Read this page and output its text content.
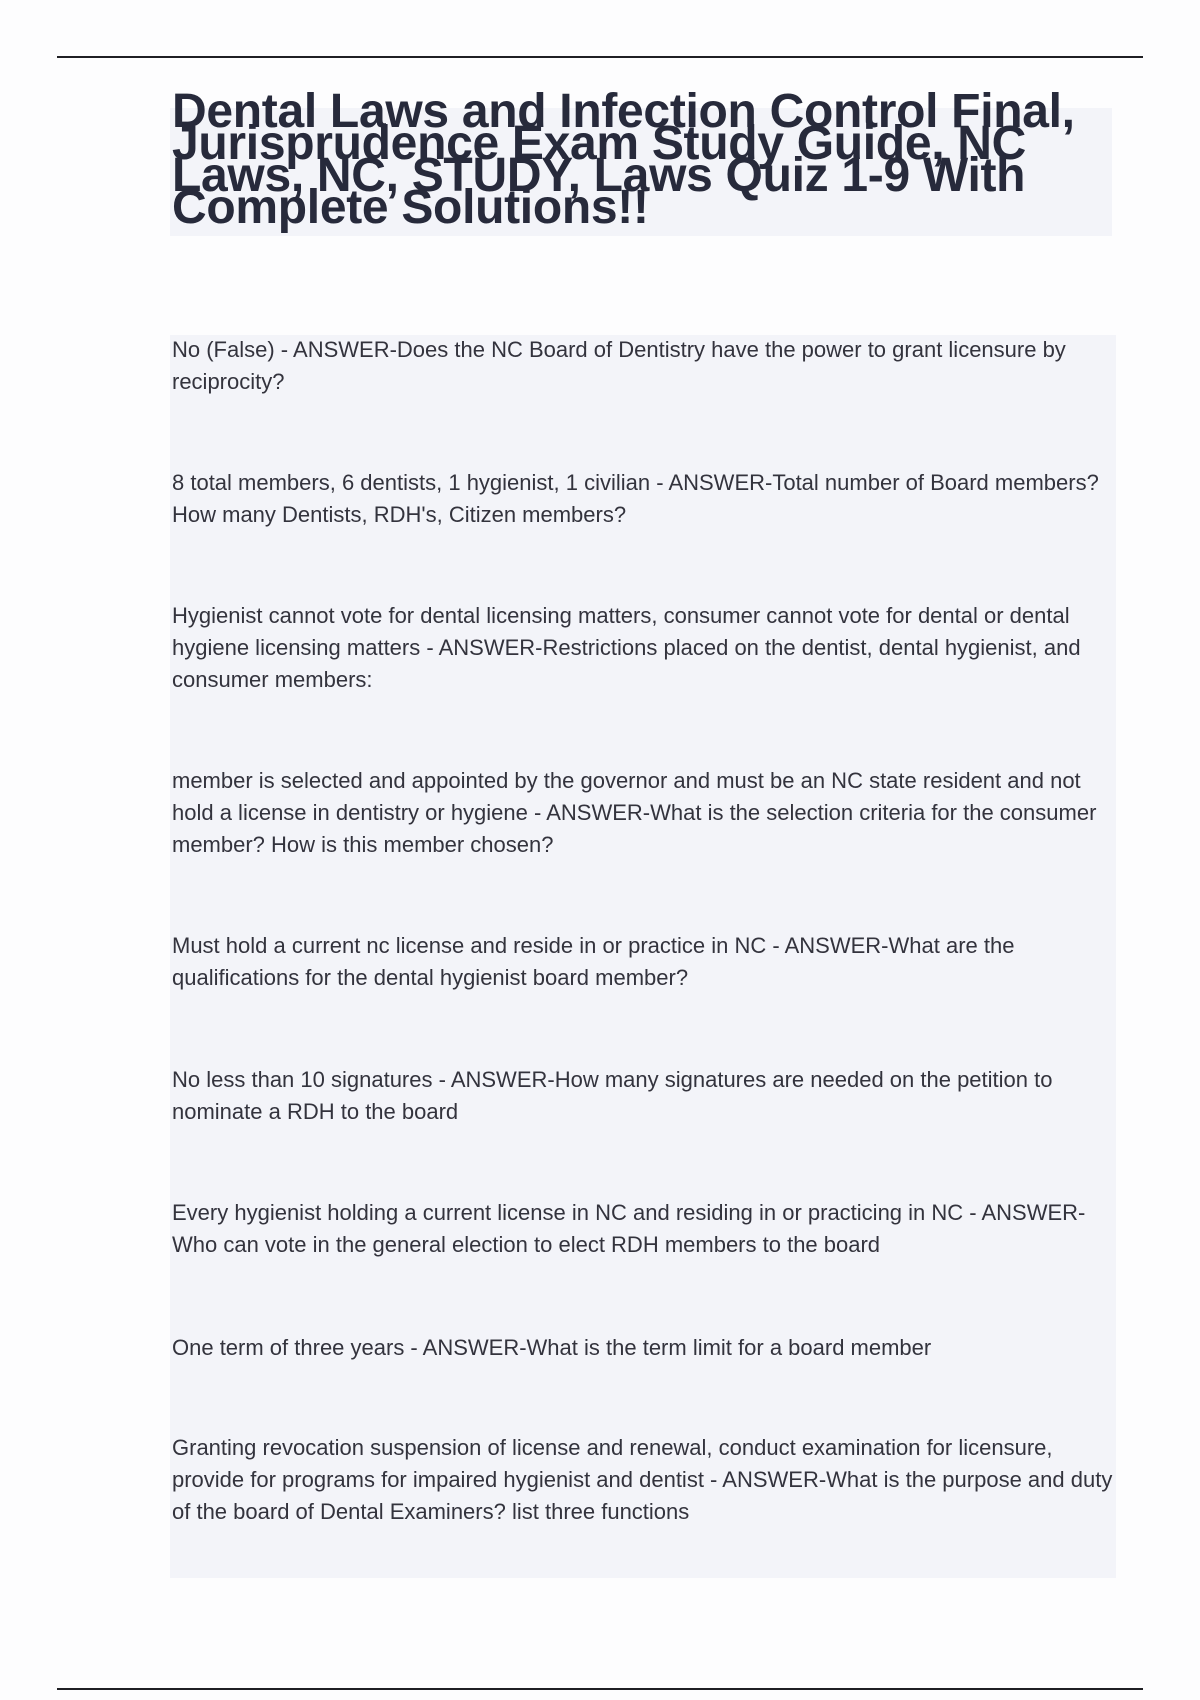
Dental Laws and Infection Control Final, Jurisprudence Exam Study Guide, NC Laws, NC, STUDY, Laws Quiz 1-9 With Complete Solutions!!
No (False) - ANSWER-Does the NC Board of Dentistry have the power to grant licensure by reciprocity?
8 total members, 6 dentists, 1 hygienist, 1 civilian - ANSWER-Total number of Board members? How many Dentists, RDH's, Citizen members?
Hygienist cannot vote for dental licensing matters, consumer cannot vote for dental or dental hygiene licensing matters - ANSWER-Restrictions placed on the dentist, dental hygienist, and consumer members:
member is selected and appointed by the governor and must be an NC state resident and not hold a license in dentistry or hygiene - ANSWER-What is the selection criteria for the consumer member? How is this member chosen?
Must hold a current nc license and reside in or practice in NC - ANSWER-What are the qualifications for the dental hygienist board member?
No less than 10 signatures - ANSWER-How many signatures are needed on the petition to nominate a RDH to the board
Every hygienist holding a current license in NC and residing in or practicing in NC - ANSWER-Who can vote in the general election to elect RDH members to the board
One term of three years - ANSWER-What is the term limit for a board member
Granting revocation suspension of license and renewal, conduct examination for licensure, provide for programs for impaired hygienist and dentist - ANSWER-What is the purpose and duty of the board of Dental Examiners? list three functions
